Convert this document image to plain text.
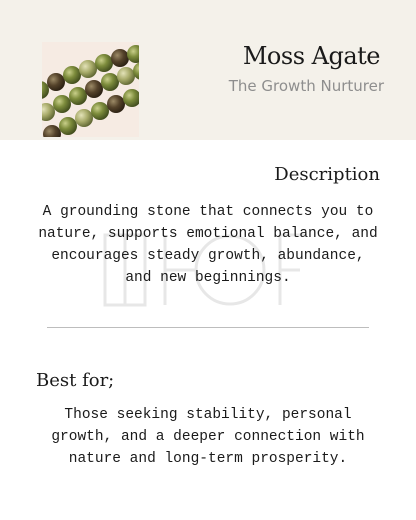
Moss Agate
The Growth Nurturer
Description
A grounding stone that connects you to nature, supports emotional balance, and encourages steady growth, abundance, and new beginnings.
Best for;
Those seeking stability, personal growth, and a deeper connection with nature and long-term prosperity.
